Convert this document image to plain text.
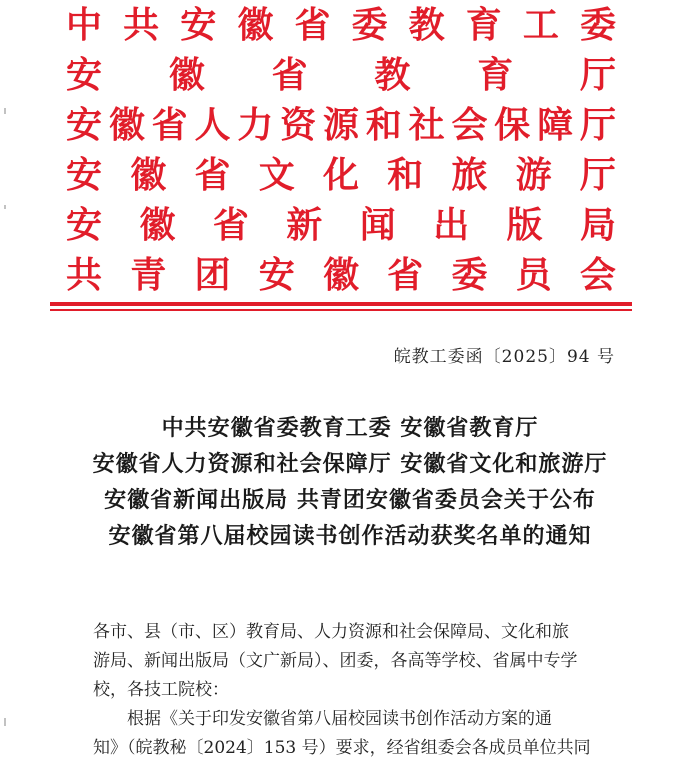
中 共 安 徽 省 委 教 育 工 委
安 徽 省 教 育 厅
安 徽 省 人 力 资 源 和 社 会 保 障 厅
安 徽 省 文 化 和 旅 游 厅
安 徽 省 新 闻 出 版 局
共 青 团 安 徽 省 委 员 会
皖教工委函〔2025〕94 号
中共安徽省委教育工委 安徽省教育厅
安徽省人力资源和社会保障厅 安徽省文化和旅游厅
安徽省新闻出版局 共青团安徽省委员会关于公布
安徽省第八届校园读书创作活动获奖名单的通知

各市、县（市、区）教育局、人力资源和社会保障局、文化和旅

游局、新闻出版局（文广新局）、团委，各高等学校、省属中专学

校，各技工院校：

根据《关于印发安徽省第八届校园读书创作活动方案的通

知》（皖教秘〔2024〕153 号）要求，经省组委会各成员单位共同
